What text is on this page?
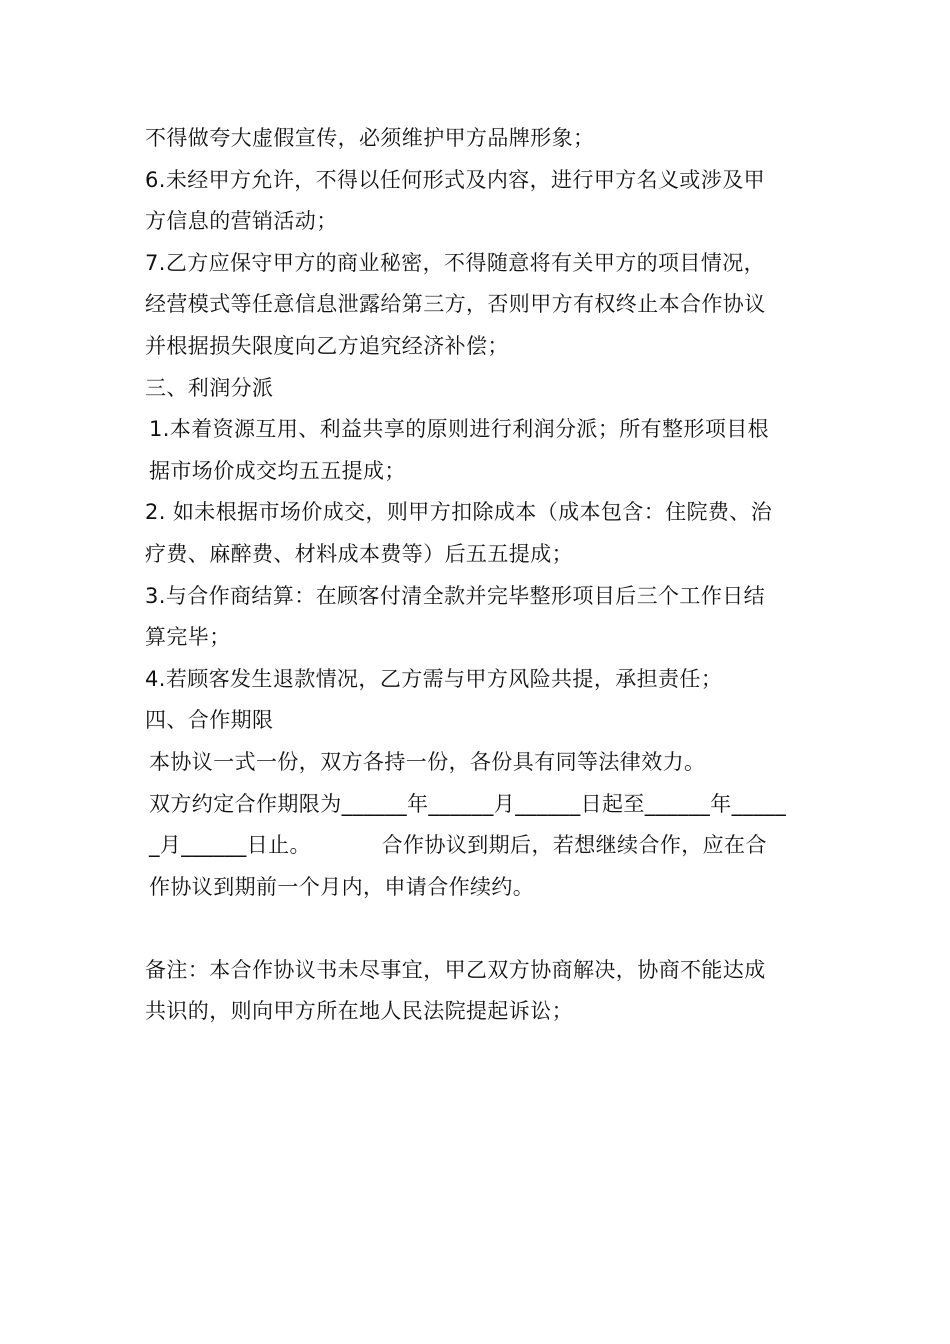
不得做夸大虚假宣传，必须维护甲方品牌形象；
6.未经甲方允许，不得以任何形式及内容，进行甲方名义或涉及甲
方信息的营销活动；
7.乙方应保守甲方的商业秘密，不得随意将有关甲方的项目情况，
经营模式等任意信息泄露给第三方，否则甲方有权终止本合作协议
并根据损失限度向乙方追究经济补偿；
三、利润分派
1.本着资源互用、利益共享的原则进行利润分派；所有整形项目根
据市场价成交均五五提成；
2. 如未根据市场价成交，则甲方扣除成本（成本包含：住院费、治
疗费、麻醉费、材料成本费等）后五五提成；
3.与合作商结算：在顾客付清全款并完毕整形项目后三个工作日结
算完毕；
4.若顾客发生退款情况，乙方需与甲方风险共提，承担责任；
四、合作期限
本协议一式一份，双方各持一份，各份具有同等法律效力。
双方约定合作期限为______年______月______日起至______年_____
_月______日止。          合作协议到期后，若想继续合作，应在合
作协议到期前一个月内，申请合作续约。
备注：本合作协议书未尽事宜，甲乙双方协商解决，协商不能达成
共识的，则向甲方所在地人民法院提起诉讼；
